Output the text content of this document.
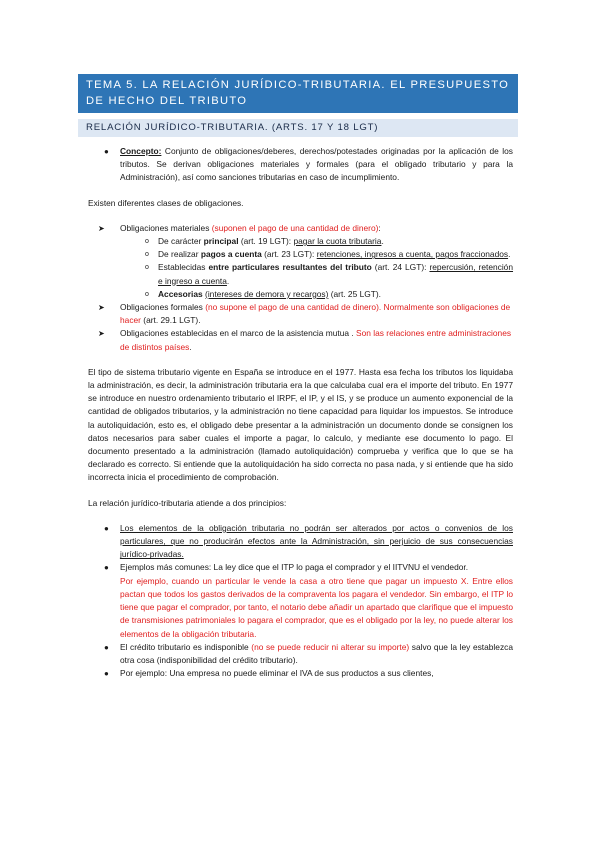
TEMA 5. LA RELACIÓN JURÍDICO-TRIBUTARIA. EL PRESUPUESTO DE HECHO DEL TRIBUTO
RELACIÓN JURÍDICO-TRIBUTARIA. (ARTS. 17 Y 18 LGT)

● Concepto: Conjunto de obligaciones/deberes, derechos/potestades originadas por la aplicación de los tributos. Se derivan obligaciones materiales y formales (para el obligado tributario y para la Administración), así como sanciones tributarias en caso de incumplimiento.

Existen diferentes clases de obligaciones.

➤ Obligaciones materiales (suponen el pago de una cantidad de dinero):

o De carácter principal (art. 19 LGT): pagar la cuota tributaria.

o De realizar pagos a cuenta (art. 23 LGT): retenciones, ingresos a cuenta, pagos fraccionados.

o Establecidas entre particulares resultantes del tributo (art. 24 LGT): repercusión, retención e ingreso a cuenta.

o Accesorias (intereses de demora y recargos) (art. 25 LGT).

➤ Obligaciones formales (no supone el pago de una cantidad de dinero). Normalmente son obligaciones de hacer (art. 29.1 LGT).

➤ Obligaciones establecidas en el marco de la asistencia mutua . Son las relaciones entre administraciones de distintos países.

El tipo de sistema tributario vigente en España se introduce en el 1977. Hasta esa fecha los tributos los liquidaba la administración, es decir, la administración tributaria era la que calculaba cual era el importe del tributo. En 1977 se introduce en nuestro ordenamiento tributario el IRPF, el IP, y el IS, y se produce un aumento exponencial de la cantidad de obligados tributarios, y la administración no tiene capacidad para liquidar los impuestos. Se introduce la autoliquidación, esto es, el obligado debe presentar a la administración un documento donde se consignen los datos necesarios para saber cuales el importe a pagar, lo calculo, y mediante ese documento lo pago. El documento presentado a la administración (llamado autoliquidación) comprueba y verifica que lo que se ha declarado es correcto. Si entiende que la autoliquidación ha sido correcta no pasa nada, y si entiende que ha sido incorrecta inicia el procedimiento de comprobación.

La relación jurídico-tributaria atiende a dos principios:

● Los elementos de la obligación tributaria no podrán ser alterados por actos o convenios de los particulares, que no producirán efectos ante la Administración, sin perjuicio de sus consecuencias jurídico-privadas.

● Ejemplos más comunes: La ley dice que el ITP lo paga el comprador y el IITVNU el vendedor.

Por ejemplo, cuando un particular le vende la casa a otro tiene que pagar un impuesto X. Entre ellos pactan que todos los gastos derivados de la compraventa los pagara el vendedor. Sin embargo, el ITP lo tiene que pagar el comprador, por tanto, el notario debe añadir un apartado que clarifique que el impuesto de transmisiones patrimoniales lo pagara el comprador, que es el obligado por la ley, no puede alterar los elementos de la obligación tributaria.

● El crédito tributario es indisponible (no se puede reducir ni alterar su importe) salvo que la ley establezca otra cosa (indisponibilidad del crédito tributario).

● Por ejemplo: Una empresa no puede eliminar el IVA de sus productos a sus clientes,
